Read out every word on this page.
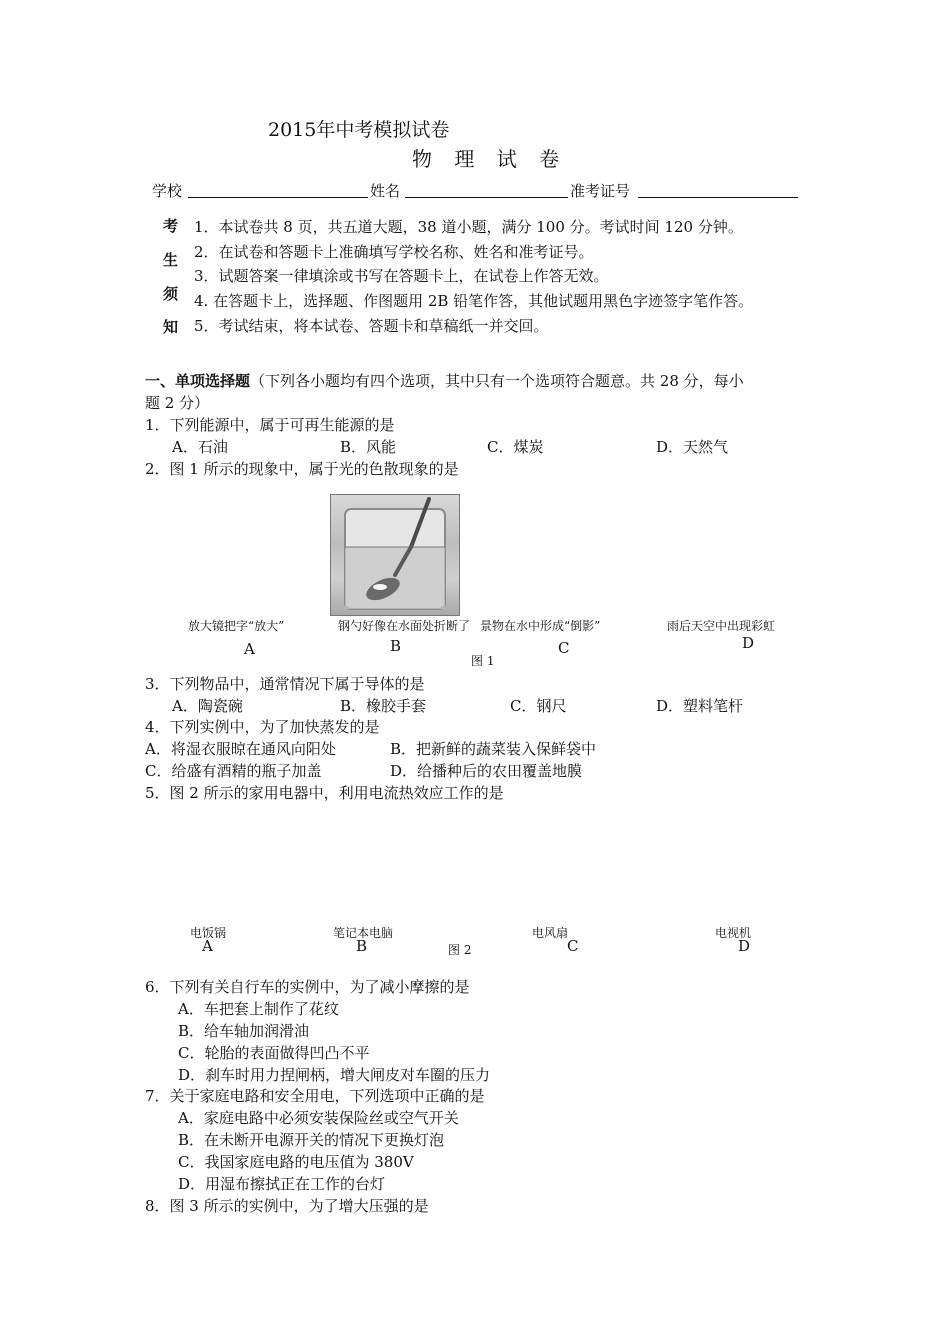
2015年中考模拟试卷
物 理 试 卷
学校	姓名	准考证号
考
生
须
知
1．本试卷共 8 页，共五道大题，38 道小题，满分 100 分。考试时间 120 分钟。
2．在试卷和答题卡上准确填写学校名称、姓名和准考证号。
3．试题答案一律填涂或书写在答题卡上，在试卷上作答无效。
4. 在答题卡上，选择题、作图题用 2B 铅笔作答，其他试题用黑色字迹签字笔作答。
5．考试结束，将本试卷、答题卡和草稿纸一并交回。
一、单项选择题（下列各小题均有四个选项，其中只有一个选项符合题意。共 28 分，每小
题 2 分）
1．下列能源中，属于可再生能源的是
A．石油	B．风能	C．煤炭	D．天然气
2．图 1 所示的现象中，属于光的色散现象的是
放大镜把字“放大”	钢勺好像在水面处折断了 景物在水中形成“倒影”	雨后天空中出现彩虹
A	B	C	D
图 1
3．下列物品中，通常情况下属于导体的是
A．陶瓷碗	B．橡胶手套	C．钢尺	D．塑料笔杆
4．下列实例中，为了加快蒸发的是
A．将湿衣服晾在通风向阳处	B．把新鲜的蔬菜装入保鲜袋中
C．给盛有酒精的瓶子加盖	D．给播种后的农田覆盖地膜
5．图 2 所示的家用电器中，利用电流热效应工作的是
电饭锅	笔记本电脑	电风扇	电视机
A	B	图 2	C	D
6．下列有关自行车的实例中，为了减小摩擦的是
A．车把套上制作了花纹
B．给车轴加润滑油
C．轮胎的表面做得凹凸不平
D．刹车时用力捏闸柄，增大闸皮对车圈的压力
7．关于家庭电路和安全用电，下列选项中正确的是
A．家庭电路中必须安装保险丝或空气开关
B．在未断开电源开关的情况下更换灯泡
C．我国家庭电路的电压值为 380V
D．用湿布擦拭正在工作的台灯
8．图 3 所示的实例中，为了增大压强的是
